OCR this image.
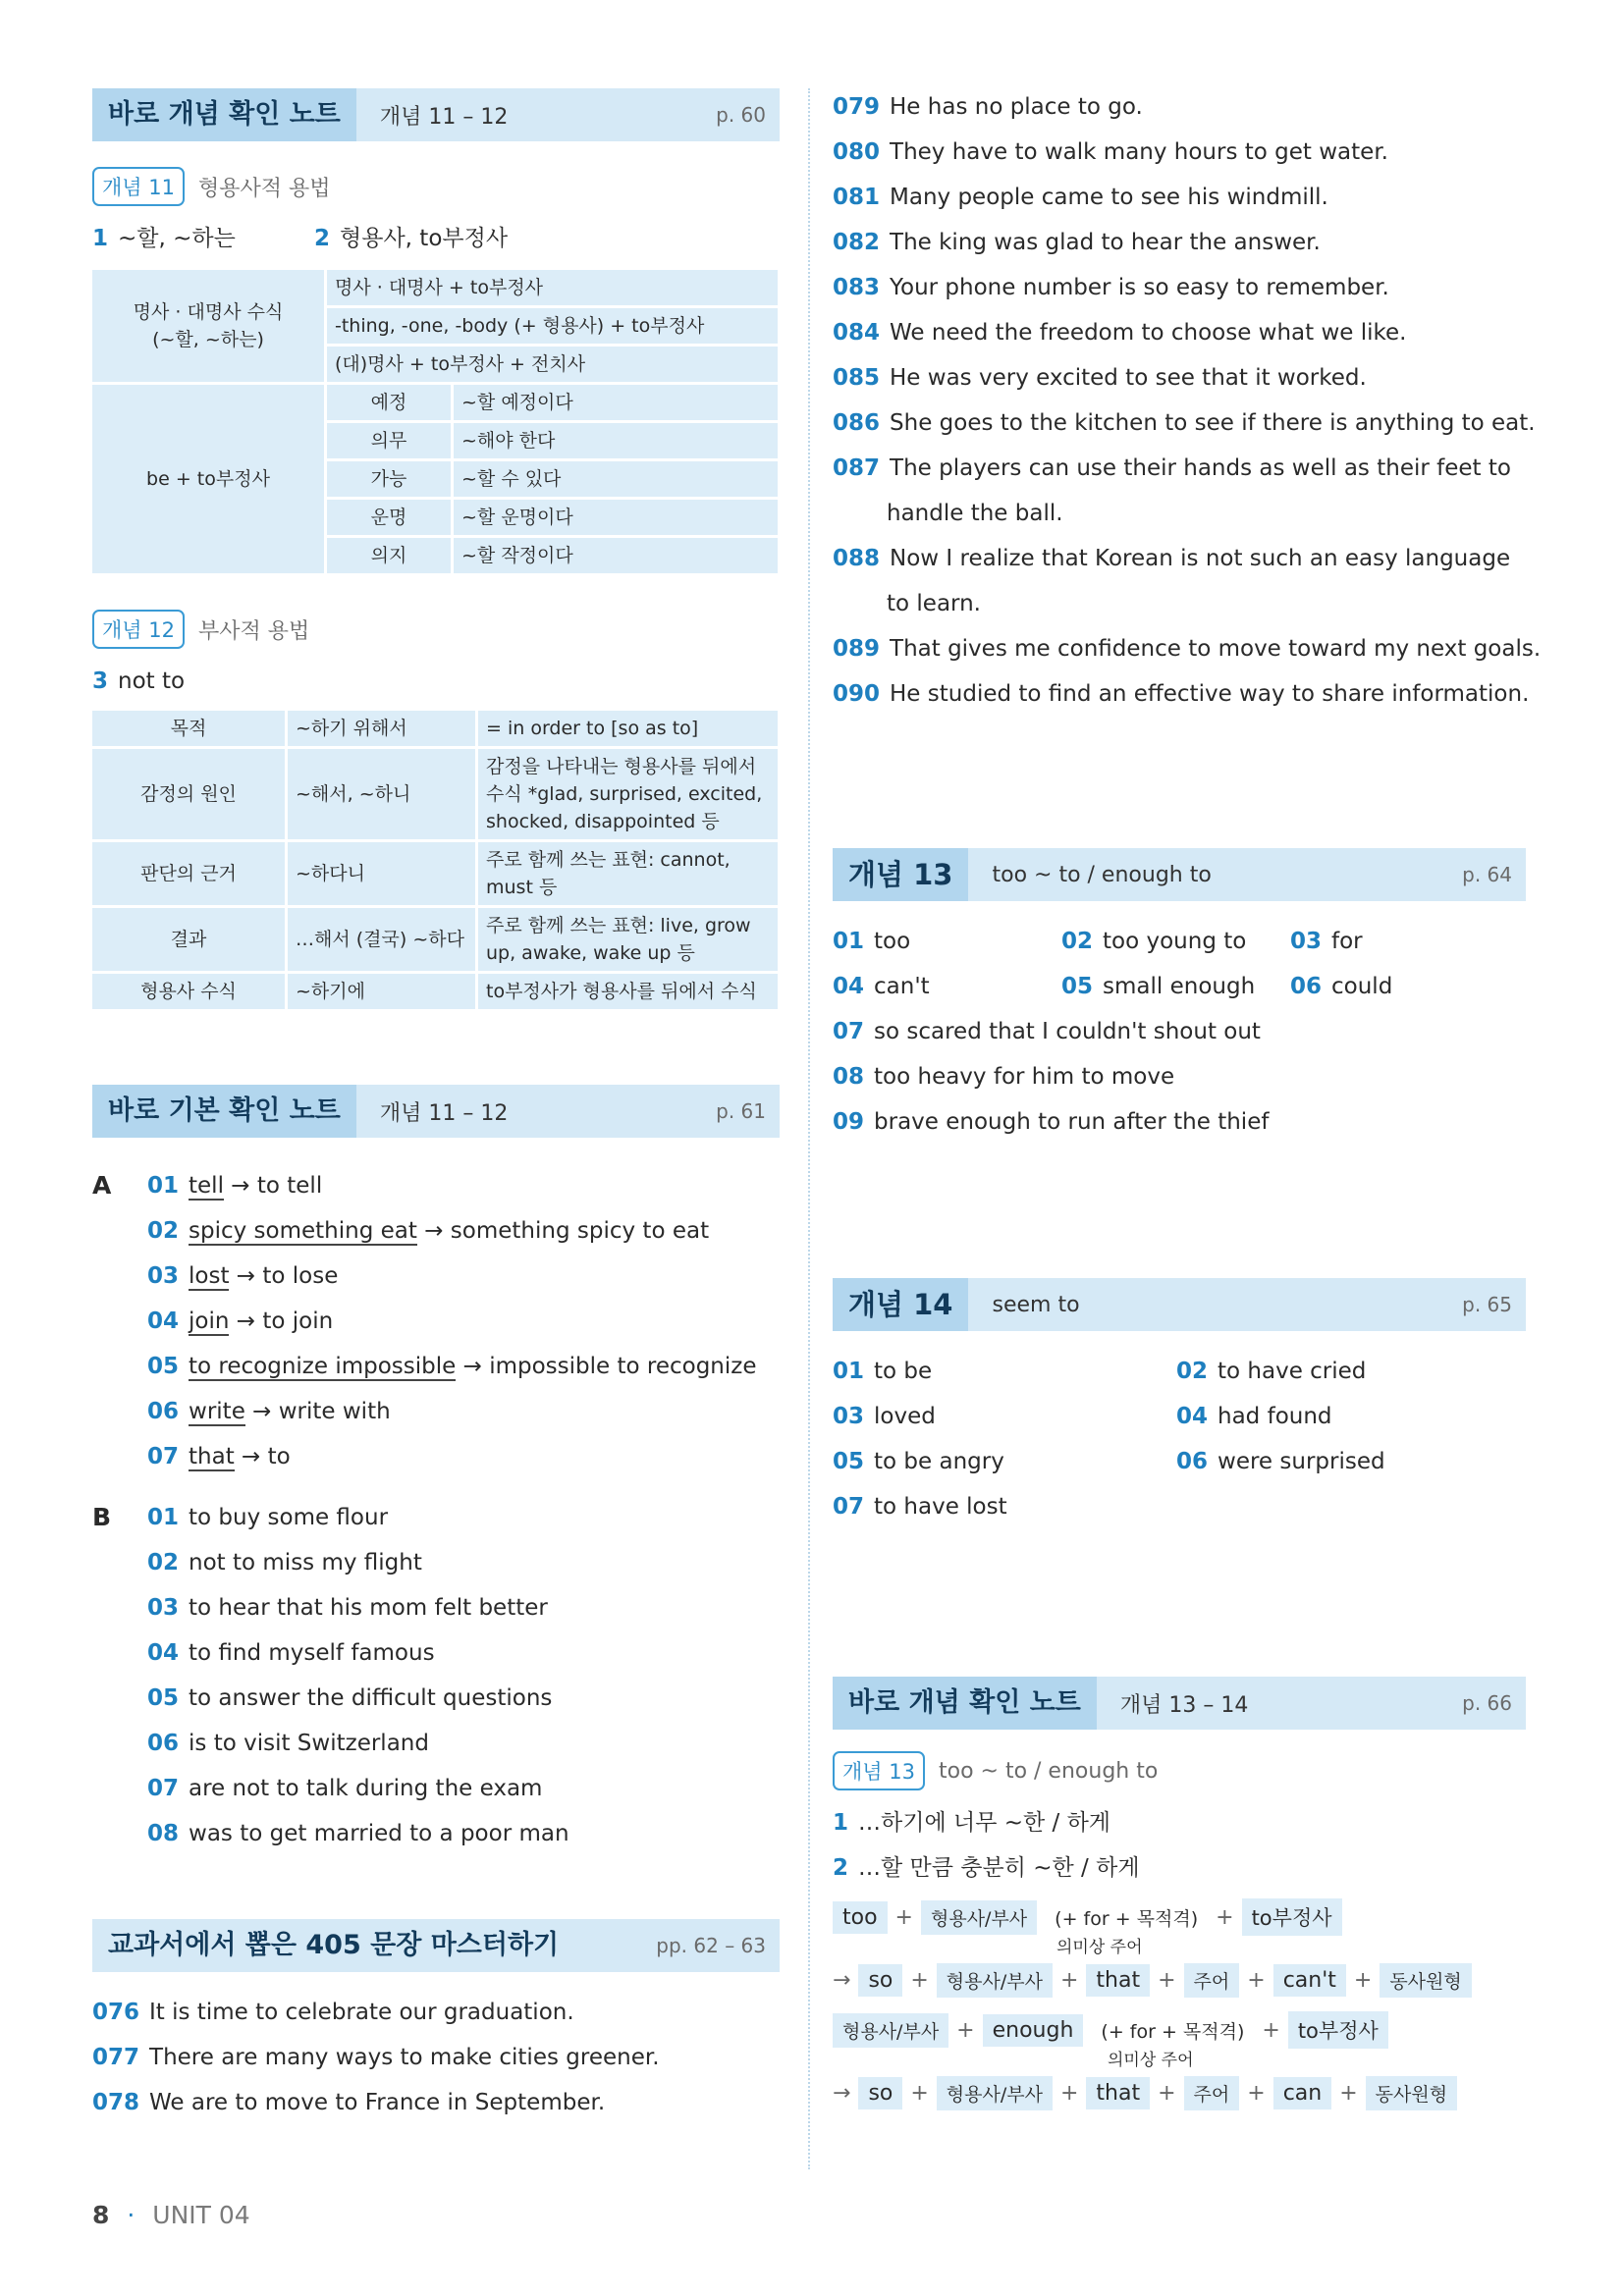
바로 개념 확인 노트	개념 11 – 12	p. 60
개념 11	형용사적 용법
1 ~할, ~하는	2 형용사, to부정사
명사 · 대명사 수식
(~할, ~하는)	명사 · 대명사 + to부정사	
	-thing, -one, -body (+ 형용사) + to부정사	
	(대)명사 + to부정사 + 전치사	
be + to부정사	예정	~할 예정이다
	의무	~해야 한다
	가능	~할 수 있다
	운명	~할 운명이다
	의지	~할 작정이다
개념 12	부사적 용법
3 not to
목적	~하기 위해서	= in order to [so as to]
감정의 원인	~해서, ~하니	감정을 나타내는 형용사를 뒤에서 수식 *glad, surprised, excited, shocked, disappointed 등
판단의 근거	~하다니	주로 함께 쓰는 표현: cannot, must 등
결과	…해서 (결국) ~하다	주로 함께 쓰는 표현: live, grow up, awake, wake up 등
형용사 수식	~하기에	to부정사가 형용사를 뒤에서 수식
바로 기본 확인 노트	개념 11 – 12	p. 61
A 01 tell → to tell
02 spicy something eat → something spicy to eat
03 lost → to lose
04 join → to join
05 to recognize impossible → impossible to recognize
06 write → write with
07 that → to
B 01 to buy some flour
02 not to miss my flight
03 to hear that his mom felt better
04 to find myself famous
05 to answer the difficult questions
06 is to visit Switzerland
07 are not to talk during the exam
08 was to get married to a poor man
교과서에서 뽑은 405 문장 마스터하기	pp. 62 – 63
076 It is time to celebrate our graduation.
077 There are many ways to make cities greener.
078 We are to move to France in September.
079 He has no place to go.
080 They have to walk many hours to get water.
081 Many people came to see his windmill.
082 The king was glad to hear the answer.
083 Your phone number is so easy to remember.
084 We need the freedom to choose what we like.
085 He was very excited to see that it worked.
086 She goes to the kitchen to see if there is anything to eat.
087 The players can use their hands as well as their feet to
handle the ball.
088 Now I realize that Korean is not such an easy language
to learn.
089 That gives me confidence to move toward my next goals.
090 He studied to find an effective way to share information.
개념 13	too ~ to / enough to	p. 64
01 too	02 too young to	03 for
04 can't	05 small enough	06 could
07 so scared that I couldn't shout out
08 too heavy for him to move
09 brave enough to run after the thief
개념 14	seem to	p. 65
01 to be	02 to have cried
03 loved	04 had found
05 to be angry	06 were surprised
07 to have lost
바로 개념 확인 노트	개념 13 – 14	p. 66
개념 13	too ~ to / enough to
1 …하기에 너무 ~한 / 하게
2 …할 만큼 충분히 ~한 / 하게
too + 형용사/부사	(+ for + 목적격) + to부정사
의미상 주어
→ so + 형용사/부사 + that + 주어 + can't + 동사원형
형용사/부사 + enough	(+ for + 목적격) + to부정사
의미상 주어
→ so + 형용사/부사 + that + 주어 + can + 동사원형
8 · UNIT 04
